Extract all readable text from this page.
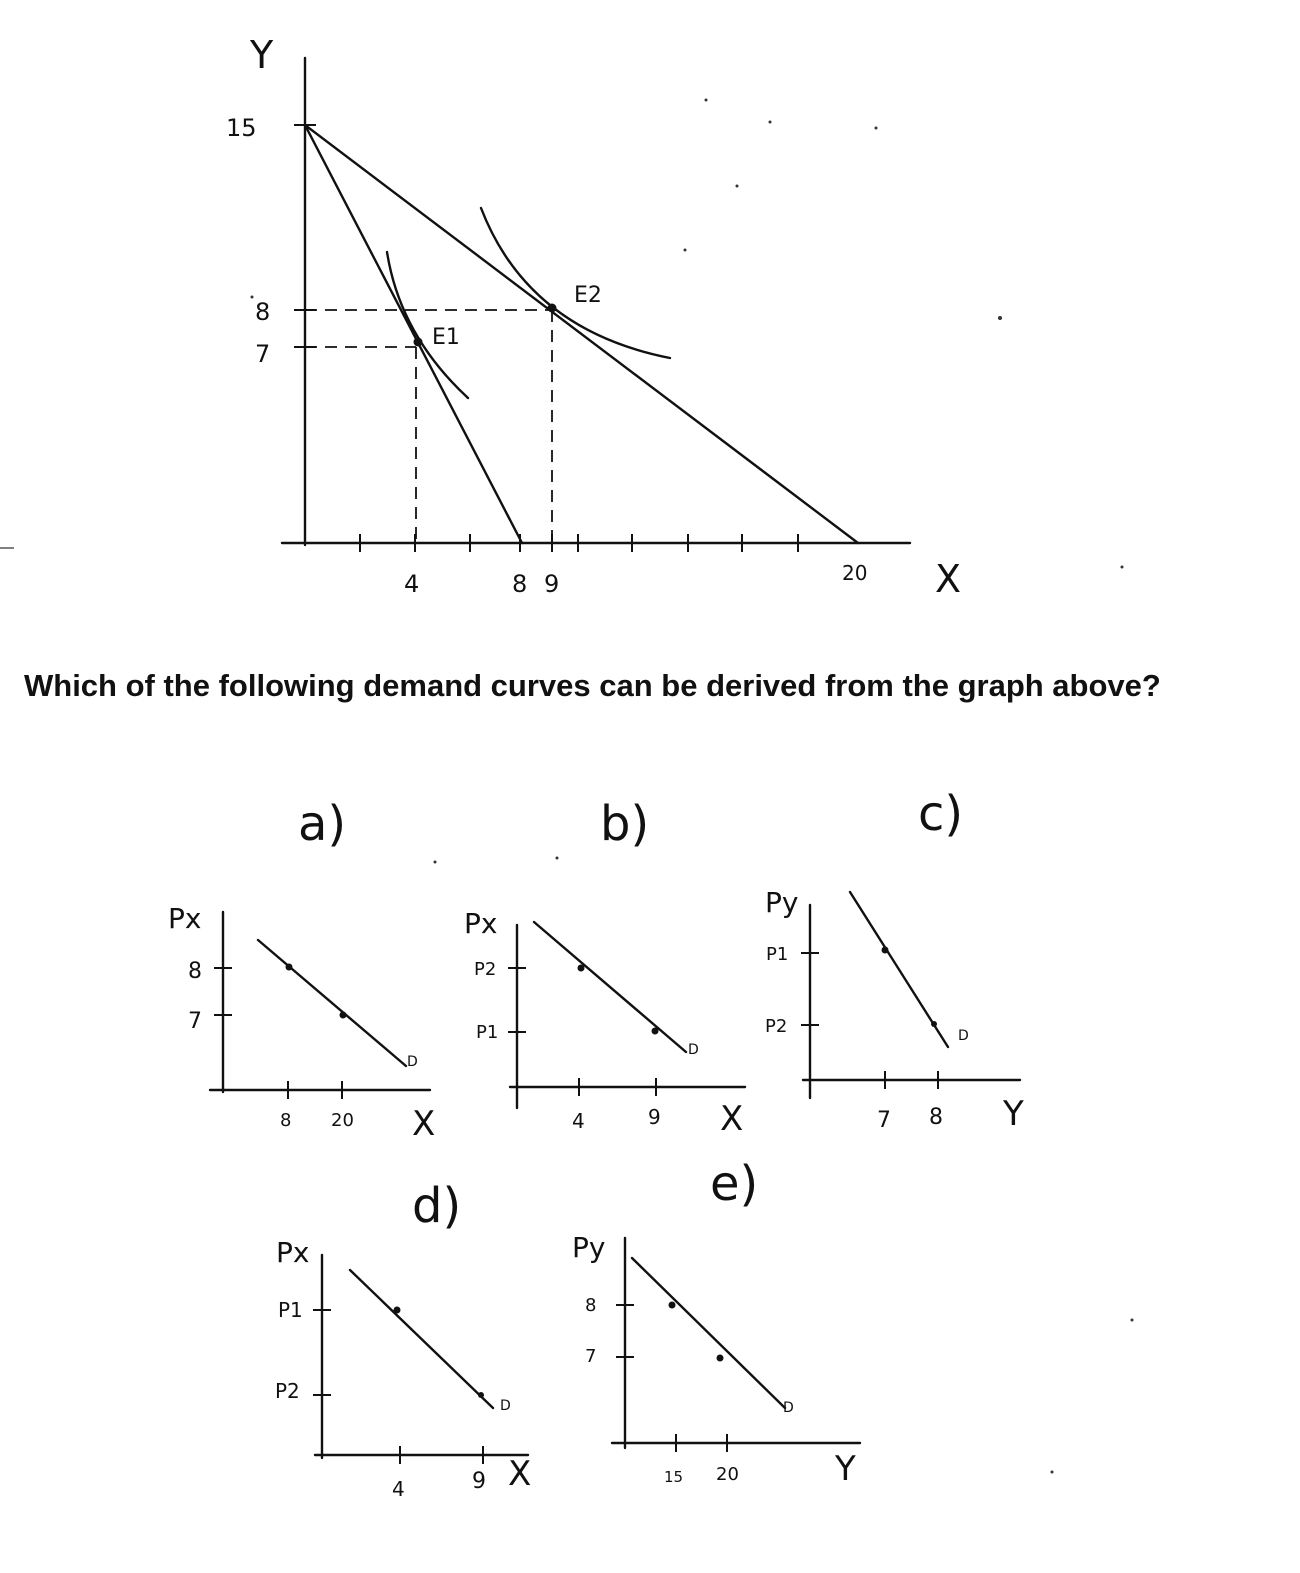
Y
X
15
8
7
4	8 9	20
E1
E2
a)
Px
X
8
7
8 20
D
b)
Px
X
P2
P1
4	9
D
c)
Py
Y
P1
P2
7 8
D
d)
Px
X
P1
P2
4	9
D
e)
Py
Y
8
7
15 20
D
Which of the following demand curves can be derived from the graph above?
